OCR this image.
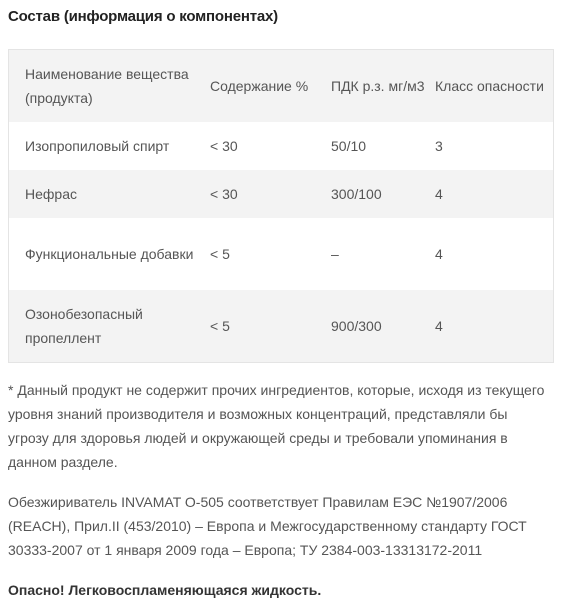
Состав (информация о компонентах)
Наименование вещества (продукта)	Содержание %	ПДК р.з. мг/м3	Класс опасности
Изопропиловый спирт	< 30	50/10	3
Нефрас	< 30	300/100	4
Функциональные добавки	< 5	–	4
Озонобезопасный пропеллент	< 5	900/300	4
* Данный продукт не содержит прочих ингредиентов, которые, исходя из текущего уровня знаний производителя и возможных концентраций, представляли бы угрозу для здоровья людей и окружающей среды и требовали упоминания в данном разделе.
Обезжириватель INVAMAT O-505 соответствует Правилам ЕЭС №1907/2006 (REACH), Прил.II (453/2010) – Европа и Межгосударственному стандарту ГОСТ 30333-2007 от 1 января 2009 года – Европа; ТУ 2384-003-13313172-2011
Опасно! Легковоспламеняющаяся жидкость.
